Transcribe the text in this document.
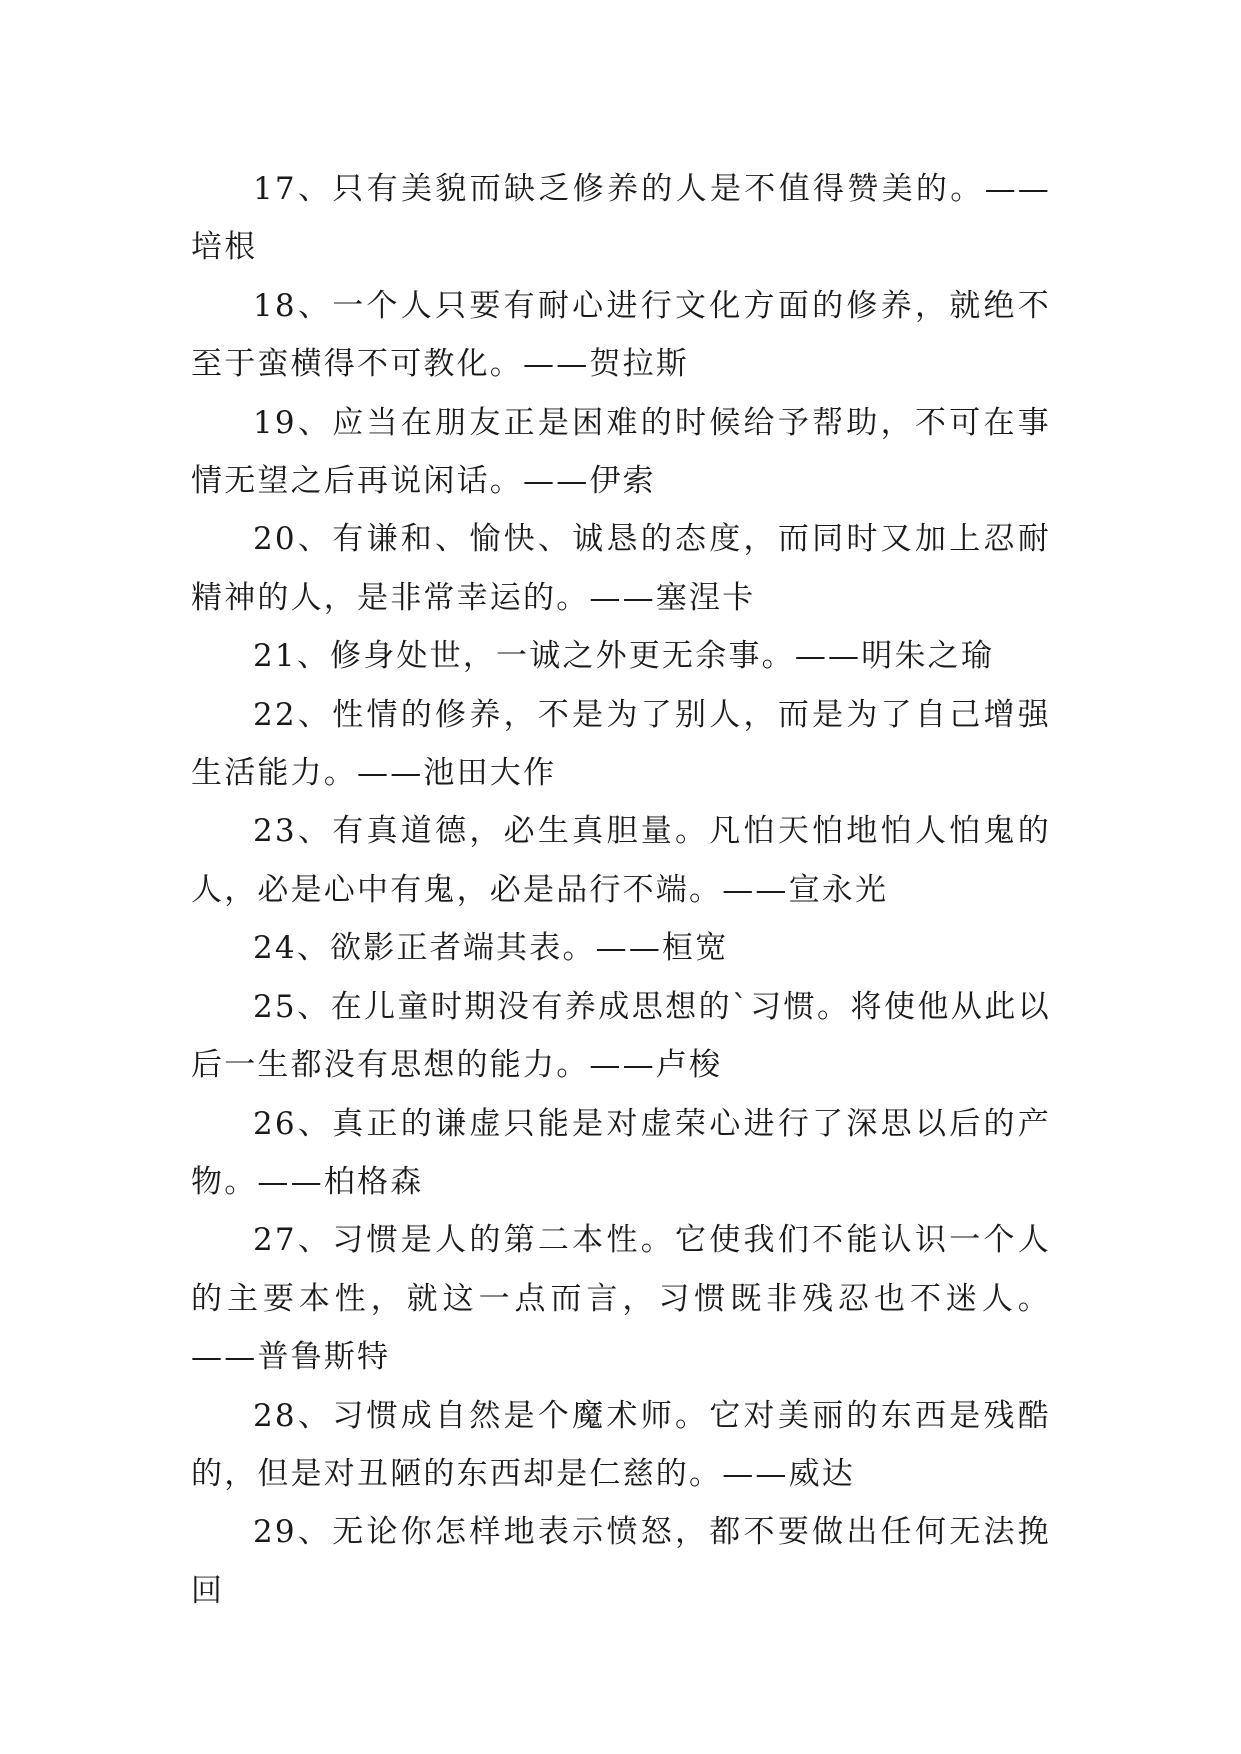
17、只有美貌而缺乏修养的人是不值得赞美的。——培根

18、一个人只要有耐心进行文化方面的修养，就绝不至于蛮横得不可教化。——贺拉斯

19、应当在朋友正是困难的时候给予帮助，不可在事情无望之后再说闲话。——伊索

20、有谦和、愉快、诚恳的态度，而同时又加上忍耐精神的人，是非常幸运的。——塞涅卡

21、修身处世，一诚之外更无余事。——明朱之瑜

22、性情的修养，不是为了别人，而是为了自己增强生活能力。——池田大作

23、有真道德，必生真胆量。凡怕天怕地怕人怕鬼的人，必是心中有鬼，必是品行不端。——宣永光

24、欲影正者端其表。——桓宽

25、在儿童时期没有养成思想的`习惯。将使他从此以后一生都没有思想的能力。——卢梭

26、真正的谦虚只能是对虚荣心进行了深思以后的产物。——柏格森

27、习惯是人的第二本性。它使我们不能认识一个人的主要本性，就这一点而言，习惯既非残忍也不迷人。——普鲁斯特

28、习惯成自然是个魔术师。它对美丽的东西是残酷的，但是对丑陋的东西却是仁慈的。——威达

29、无论你怎样地表示愤怒，都不要做出任何无法挽回
